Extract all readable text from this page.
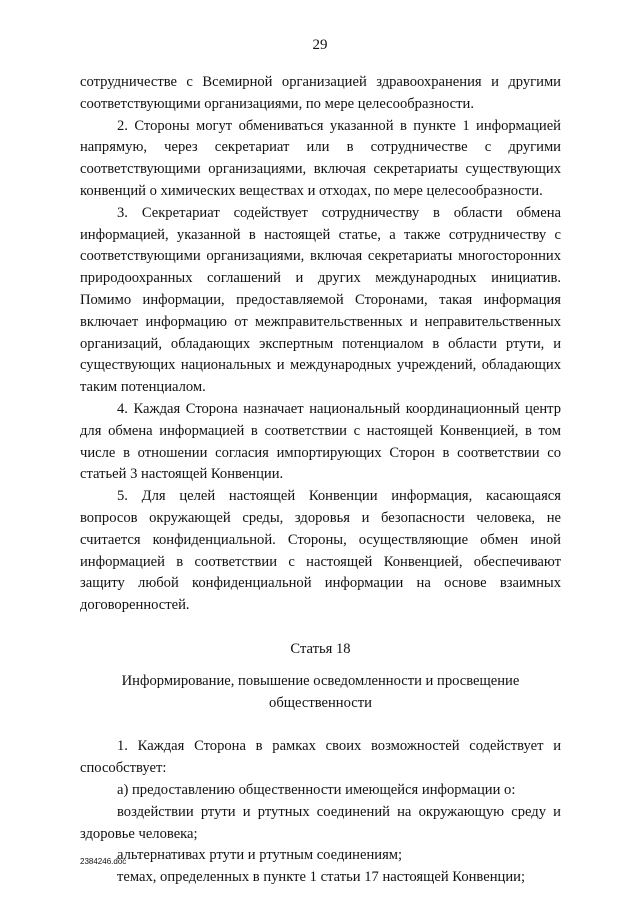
29

сотрудничестве с Всемирной организацией здравоохранения и другими соответствующими организациями, по мере целесообразности.

2. Стороны могут обмениваться указанной в пункте 1 информацией напрямую, через секретариат или в сотрудничестве с другими соответствующими организациями, включая секретариаты существующих конвенций о химических веществах и отходах, по мере целесообразности.

3. Секретариат содействует сотрудничеству в области обмена информацией, указанной в настоящей статье, а также сотрудничеству с соответствующими организациями, включая секретариаты многосторонних природоохранных соглашений и других международных инициатив. Помимо информации, предоставляемой Сторонами, такая информация включает информацию от межправительственных и неправительственных организаций, обладающих экспертным потенциалом в области ртути, и существующих национальных и международных учреждений, обладающих таким потенциалом.

4. Каждая Сторона назначает национальный координационный центр для обмена информацией в соответствии с настоящей Конвенцией, в том числе в отношении согласия импортирующих Сторон в соответствии со статьей 3 настоящей Конвенции.

5. Для целей настоящей Конвенции информация, касающаяся вопросов окружающей среды, здоровья и безопасности человека, не считается конфиденциальной. Стороны, осуществляющие обмен иной информацией в соответствии с настоящей Конвенцией, обеспечивают защиту любой конфиденциальной информации на основе взаимных договоренностей.

Статья 18

Информирование, повышение осведомленности и просвещение общественности

1. Каждая Сторона в рамках своих возможностей содействует и способствует:

а) предоставлению общественности имеющейся информации о:

воздействии ртути и ртутных соединений на окружающую среду и здоровье человека;

альтернативах ртути и ртутным соединениям;

темах, определенных в пункте 1 статьи 17 настоящей Конвенции;

2384246.doc
